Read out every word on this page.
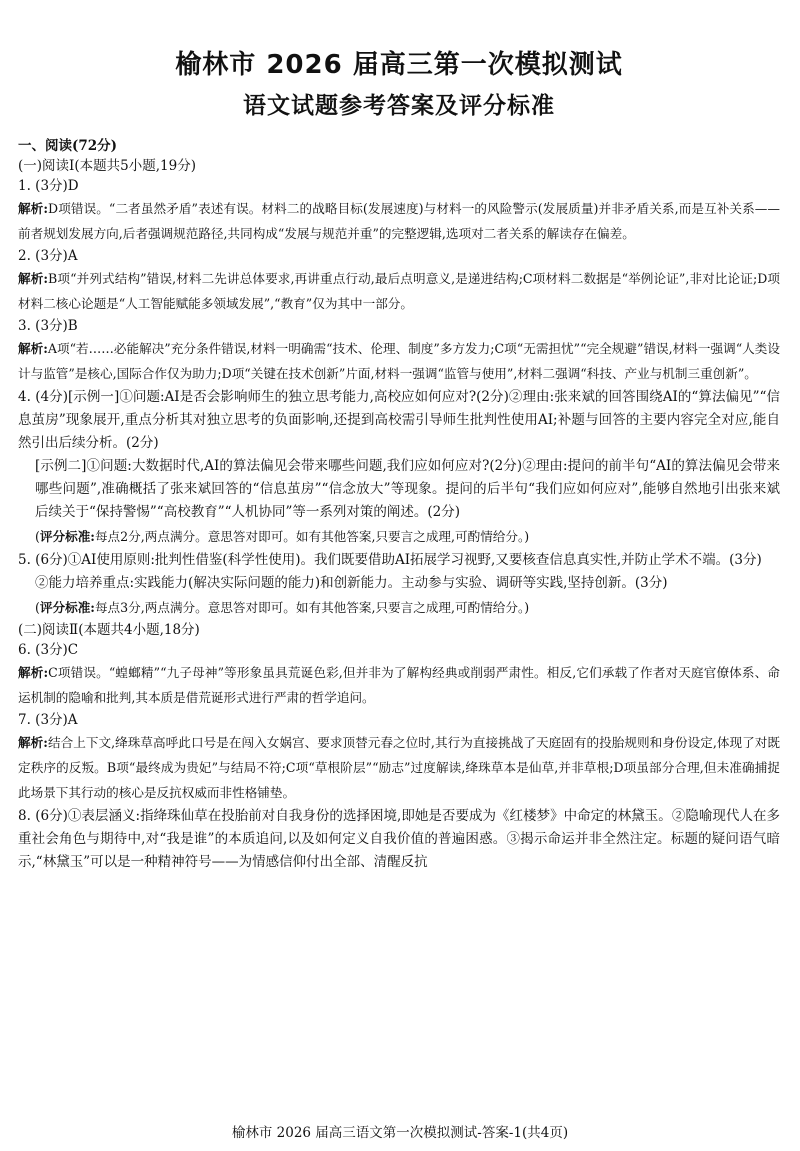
榆林市 2026 届高三第一次模拟测试
语文试题参考答案及评分标准
一、阅读(72分)
(一)阅读Ⅰ(本题共5小题,19分)
1. (3分)D
解析:D项错误。“二者虽然矛盾”表述有误。材料二的战略目标(发展速度)与材料一的风险警示(发展质量)并非矛盾关系,而是互补关系——前者规划发展方向,后者强调规范路径,共同构成“发展与规范并重”的完整逻辑,选项对二者关系的解读存在偏差。
2. (3分)A
解析:B项“并列式结构”错误,材料二先讲总体要求,再讲重点行动,最后点明意义,是递进结构;C项材料二数据是“举例论证”,非对比论证;D项材料二核心论题是“人工智能赋能多领域发展”,“教育”仅为其中一部分。
3. (3分)B
解析:A项“若……必能解决”充分条件错误,材料一明确需“技术、伦理、制度”多方发力;C项“无需担忧”“完全规避”错误,材料一强调“人类设计与监管”是核心,国际合作仅为助力;D项“关键在技术创新”片面,材料一强调“监管与使用”,材料二强调“科技、产业与机制三重创新”。
4. (4分)[示例一]①问题:AI是否会影响师生的独立思考能力,高校应如何应对?(2分)②理由:张来斌的回答围绕AI的“算法偏见”“信息茧房”现象展开,重点分析其对独立思考的负面影响,还提到高校需引导师生批判性使用AI;补题与回答的主要内容完全对应,能自然引出后续分析。(2分)
[示例二]①问题:大数据时代,AI的算法偏见会带来哪些问题,我们应如何应对?(2分)②理由:提问的前半句“AI的算法偏见会带来哪些问题”,准确概括了张来斌回答的“信息茧房”“信念放大”等现象。提问的后半句“我们应如何应对”,能够自然地引出张来斌后续关于“保持警惕”“高校教育”“人机协同”等一系列对策的阐述。(2分)
(评分标准:每点2分,两点满分。意思答对即可。如有其他答案,只要言之成理,可酌情给分。)
5. (6分)①AI使用原则:批判性借鉴(科学性使用)。我们既要借助AI拓展学习视野,又要核查信息真实性,并防止学术不端。(3分)
②能力培养重点:实践能力(解决实际问题的能力)和创新能力。主动参与实验、调研等实践,坚持创新。(3分)
(评分标准:每点3分,两点满分。意思答对即可。如有其他答案,只要言之成理,可酌情给分。)
(二)阅读Ⅱ(本题共4小题,18分)
6. (3分)C
解析:C项错误。“蝗螂精”“九子母神”等形象虽具荒诞色彩,但并非为了解构经典或削弱严肃性。相反,它们承载了作者对天庭官僚体系、命运机制的隐喻和批判,其本质是借荒诞形式进行严肃的哲学追问。
7. (3分)A
解析:结合上下文,绛珠草高呼此口号是在闯入女娲宫、要求顶替元春之位时,其行为直接挑战了天庭固有的投胎规则和身份设定,体现了对既定秩序的反叛。B项“最终成为贵妃”与结局不符;C项“草根阶层”“励志”过度解读,绛珠草本是仙草,并非草根;D项虽部分合理,但未准确捕捉此场景下其行动的核心是反抗权威而非性格铺垫。
8. (6分)①表层涵义:指绛珠仙草在投胎前对自我身份的选择困境,即她是否要成为《红楼梦》中命定的林黛玉。②隐喻现代人在多重社会角色与期待中,对“我是谁”的本质追问,以及如何定义自我价值的普遍困惑。③揭示命运并非全然注定。标题的疑问语气暗示,“林黛玉”可以是一种精神符号——为情感信仰付出全部、清醒反抗
榆林市 2026 届高三语文第一次模拟测试-答案-1(共4页)
